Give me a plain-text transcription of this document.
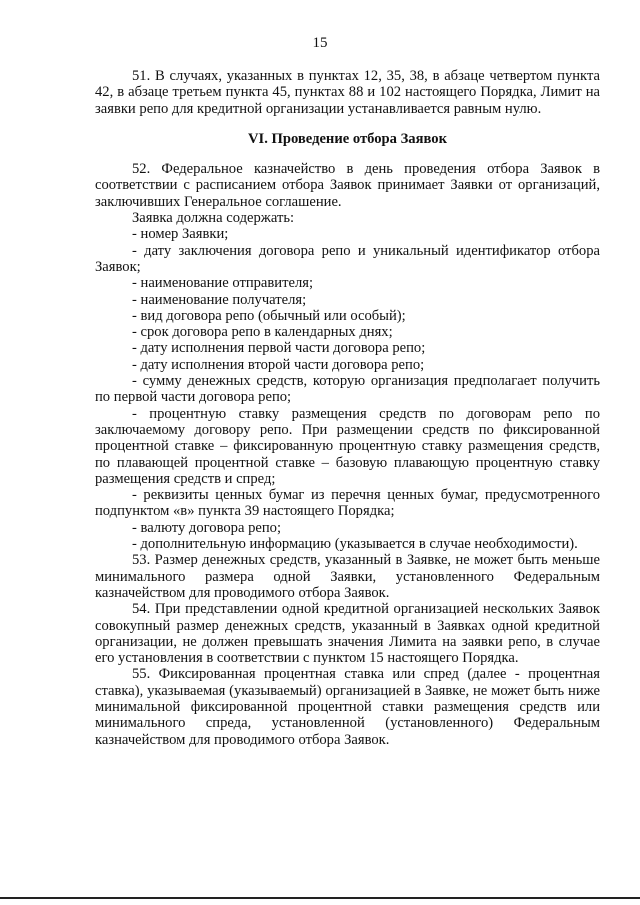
15

51. В случаях, указанных в пунктах 12, 35, 38, в абзаце четвертом пункта 42, в абзаце третьем пункта 45, пунктах 88 и 102 настоящего Порядка, Лимит на заявки репо для кредитной организации устанавливается равным нулю.

VI. Проведение отбора Заявок

52. Федеральное казначейство в день проведения отбора Заявок в соответствии с расписанием отбора Заявок принимает Заявки от организаций, заключивших Генеральное соглашение.

Заявка должна содержать:

- номер Заявки;

- дату заключения договора репо и уникальный идентификатор отбора Заявок;

- наименование отправителя;

- наименование получателя;

- вид договора репо (обычный или особый);

- срок договора репо в календарных днях;

- дату исполнения первой части договора репо;

- дату исполнения второй части договора репо;

- сумму денежных средств, которую организация предполагает получить по первой части договора репо;

- процентную ставку размещения средств по договорам репо по заключаемому договору репо. При размещении средств по фиксированной процентной ставке – фиксированную процентную ставку размещения средств, по плавающей процентной ставке – базовую плавающую процентную ставку размещения средств и спред;

- реквизиты ценных бумаг из перечня ценных бумаг, предусмотренного подпунктом «в» пункта 39 настоящего Порядка;

- валюту договора репо;

- дополнительную информацию (указывается в случае необходимости).

53. Размер денежных средств, указанный в Заявке, не может быть меньше минимального размера одной Заявки, установленного Федеральным казначейством для проводимого отбора Заявок.

54. При представлении одной кредитной организацией нескольких Заявок совокупный размер денежных средств, указанный в Заявках одной кредитной организации, не должен превышать значения Лимита на заявки репо, в случае его установления в соответствии с пунктом 15 настоящего Порядка.

55. Фиксированная процентная ставка или спред (далее - процентная ставка), указываемая (указываемый) организацией в Заявке, не может быть ниже минимальной фиксированной процентной ставки размещения средств или минимального спреда, установленной (установленного) Федеральным казначейством для проводимого отбора Заявок.
